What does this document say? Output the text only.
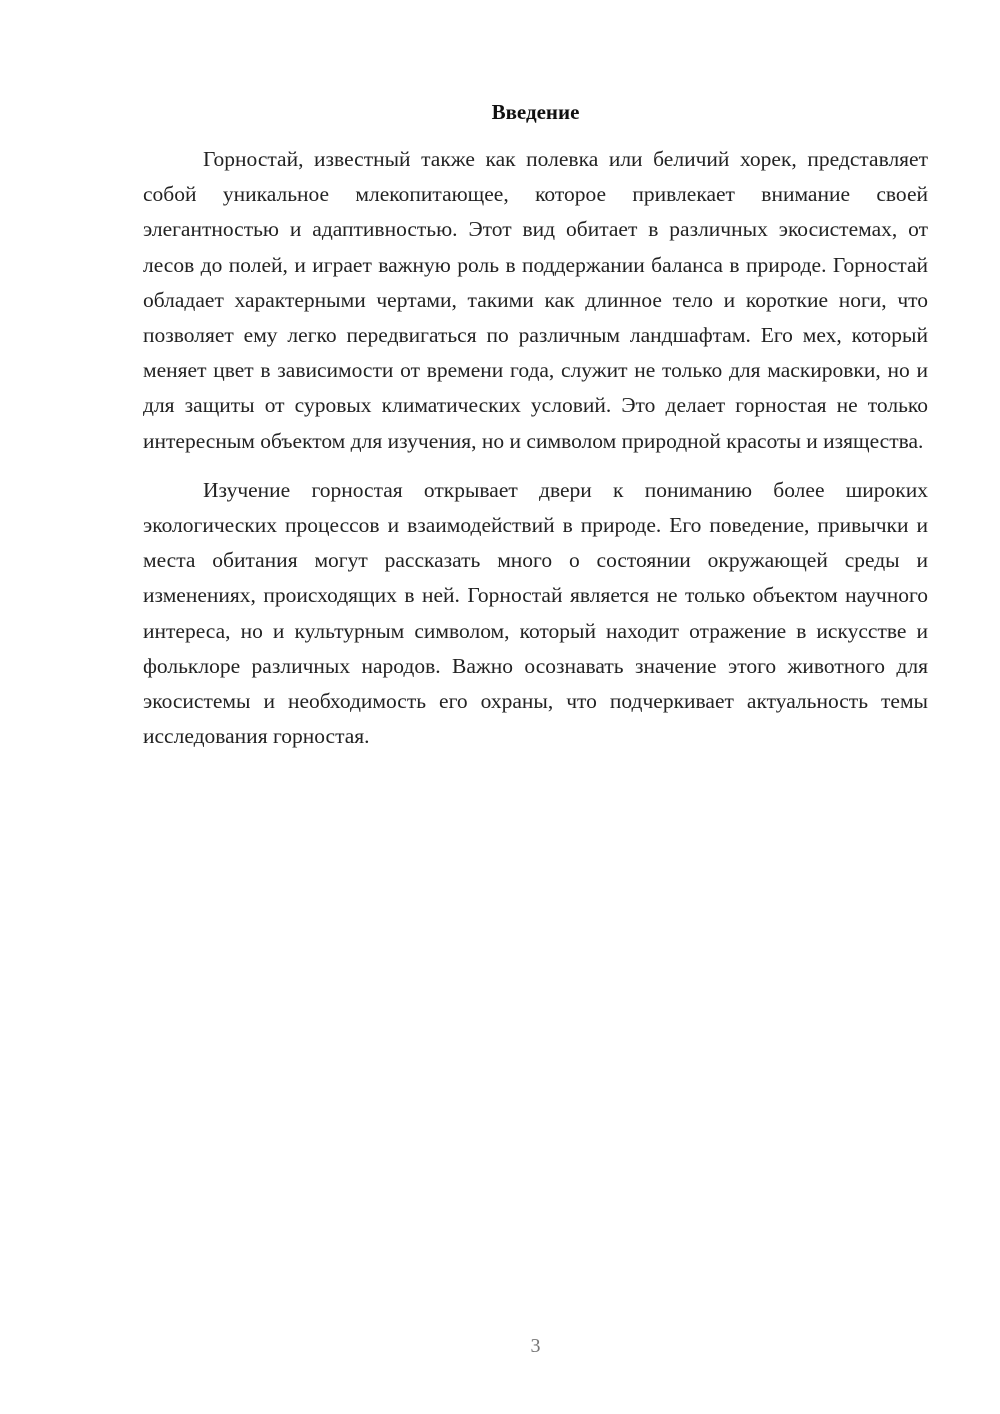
Введение

Горностай, известный также как полевка или беличий хорек, представляет собой уникальное млекопитающее, которое привлекает внимание своей элегантностью и адаптивностью. Этот вид обитает в различных экосистемах, от лесов до полей, и играет важную роль в поддержании баланса в природе. Горностай обладает характерными чертами, такими как длинное тело и короткие ноги, что позволяет ему легко передвигаться по различным ландшафтам. Его мех, который меняет цвет в зависимости от времени года, служит не только для маскировки, но и для защиты от суровых климатических условий. Это делает горностая не только интересным объектом для изучения, но и символом природной красоты и изящества.

Изучение горностая открывает двери к пониманию более широких экологических процессов и взаимодействий в природе. Его поведение, привычки и места обитания могут рассказать много о состоянии окружающей среды и изменениях, происходящих в ней. Горностай является не только объектом научного интереса, но и культурным символом, который находит отражение в искусстве и фольклоре различных народов. Важно осознавать значение этого животного для экосистемы и необходимость его охраны, что подчеркивает актуальность темы исследования горностая.

3
